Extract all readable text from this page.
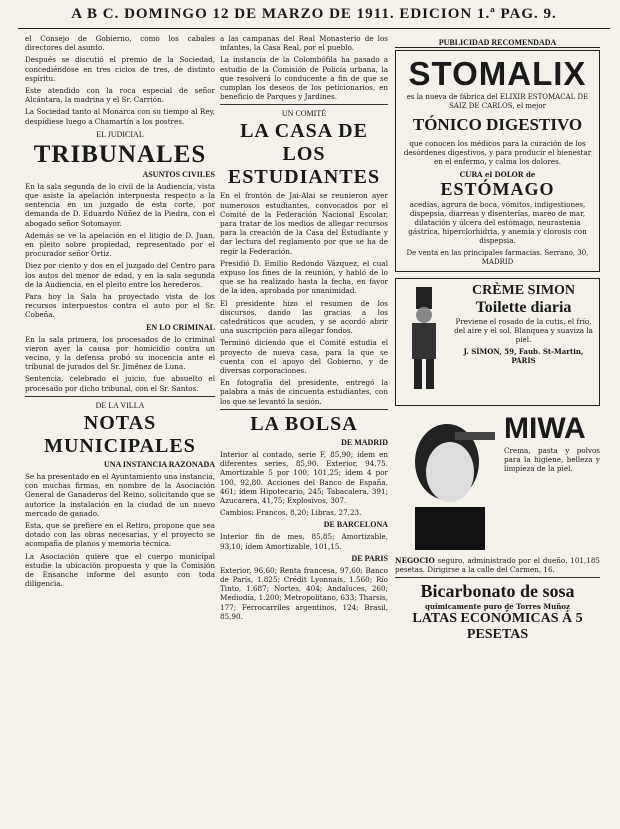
A B C. DOMINGO 12 DE MARZO DE 1911. EDICION 1.ª PAG. 9.

el Consejo de Gobierno, como los cabales directores del asunto.

Después se discutió el premio de la Sociedad, concediéndose en tres ciclos de tres, de distinto espíritu.

Este atendido con la roca especial de señor Alcántara, la madrina y el Sr. Carrión.

La Sociedad tanto al Monarca con su tiempo al Rey, despidiese luego a Chamartín a los postres.

EL JUDICIAL
TRIBUNALES
ASUNTOS CIVILES

En la sala segunda de lo civil de la Audiencia, vista que asiste la apelación interpuesta respecto a la sentencia en un juzgado de esta corte, por demanda de D. Eduardo Núñez de la Piedra, con el abogado señor Sotomayor.

Además se ve la apelación en el litigio de D. Juan, en pleito sobre propiedad, representado por el procurador señor Ortiz.

Diez por ciento y dos en el juzgado del Centro para los autos del menor de edad, y en la sala segunda de la Audiencia, en el pleito entre los herederos.

Para hoy la Sala ha proyectado vista de los recursos interpuestos contra el auto por el Sr. Cobeña.

EN LO CRIMINAL

En la sala primera, los procesados de lo criminal vieron ayer la causa por homicidio contra un vecino, y la defensa probó su inocencia ante el tribunal de jurados del Sr. Jiménez de Luna.

Sentencia, celebrado el juicio, fue absuelto el procesado por dicho tribunal, con el Sr. Santos.

DE LA VILLA
NOTAS MUNICIPALES
UNA INSTANCIA RAZONADA

Se ha presentado en el Ayuntamiento una instancia, con muchas firmas, en nombre de la Asociación General de Ganaderos del Reino, solicitando que se autorice la instalación en la ciudad de un nuevo mercado de ganado.

Esta, que se prefiere en el Retiro, propone que sea dotado con las obras necesarias, y el proyecto se acompaña de planos y memoria técnica.

La Asociación quiere que el cuerpo municipal estudie la ubicación propuesta y que la Comisión de Ensanche informe del asunto con toda diligencia.

a las campanas del Real Monasterio de los infantes, la Casa Real, por el pueblo.

La instancia de la Colombófila ha pasado a estudio de la Comisión de Policía urbana, la que resolverá lo conducente a fin de que se cumplan los deseos de los peticionarios, en beneficio de Parques y Jardines.

UN COMITÉ
LA CASA DE LOS ESTUDIANTES

En el frontón de Jai-Alai se reunieron ayer numerosos estudiantes, convocados por el Comité de la Federación Nacional Escolar, para tratar de los medios de allegar recursos para la creación de la Casa del Estudiante y dar lectura del reglamento por que se ha de regir la Federación.

Presidió D. Emilio Redondo Vázquez, el cual expuso los fines de la reunión, y habló de lo que se ha realizado hasta la fecha, en favor de la idea, aprobada por unanimidad.

El presidente hizo el resumen de los discursos, dando las gracias a los catedráticos que acuden, y se acordó abrir una suscripción para allegar fondos.

Terminó diciendo que el Comité estudia el proyecto de nueva casa, para la que se cuenta con el apoyo del Gobierno, y de diversas corporaciones.

En fotografía del presidente, entregó la palabra a más de cincuenta estudiantes, con los que se levantó la sesión.

LA BOLSA
DE MADRID

Interior al contado, serie F, 85,90; ídem en diferentes series, 85,90. Exterior, 94,75. Amortizable 5 por 100, 101,25; ídem 4 por 100, 92,80. Acciones del Banco de España, 461; ídem Hipotecario, 245; Tabacalera, 391; Azucarera, 41,75; Explosivos, 307.

Cambios: Francos, 8,20; Libras, 27,23.

DE BARCELONA

Interior fin de mes, 85,85; Amortizable, 93,10; ídem Amortizable, 101,15.

DE PARIS

Exterior, 96,60; Renta francesa, 97,60; Banco de París, 1.825; Crédit Lyonnais, 1.560; Río Tinto, 1.687; Nortes, 404; Andaluces, 260; Mediodía, 1.200; Metropolitano, 633; Tharsis, 177; Ferrocarriles argentinos, 124; Brasil, 85,90.

PUBLICIDAD RECOMENDADA
STOMALIX
es la nueva de fábrica del ELIXIR ESTOMACAL DE SAIZ DE CARLOS, el mejor
TÓNICO DIGESTIVO

que conocen los médicos para la curación de los desórdenes digestivos, y para producir el bienestar en el enfermo, y calma los dolores.

CURA el DOLOR de
ESTÓMAGO

acedías, agrura de boca, vómitos, indigestiones, dispepsia, diarreas y disenterías, mareo de mar, dilatación y úlcera del estómago, neurastenia gástrica, hiperclorhidria, y anemia y clorosis con dispepsia.

De venta en las principales farmacias. Serrano, 30, MADRID
CRÈME SIMON
Toilette diaria

Previene el rosado de la cutis, el frío, del aire y el sol. Blanquea y suaviza la piel.

J. SIMON, 59, Faub. St-Martin, PARIS
MIWA

Crema, pasta y polvos para la higiene, belleza y limpieza de la piel.

NEGOCIO seguro, administrado por el dueño, 101,185 pesetas. Dirigirse a la calle del Carmen, 16.

Bicarbonato de sosa
químicamente puro de Torres Muñoz
LATAS ECONÓMICAS Á 5 PESETAS
